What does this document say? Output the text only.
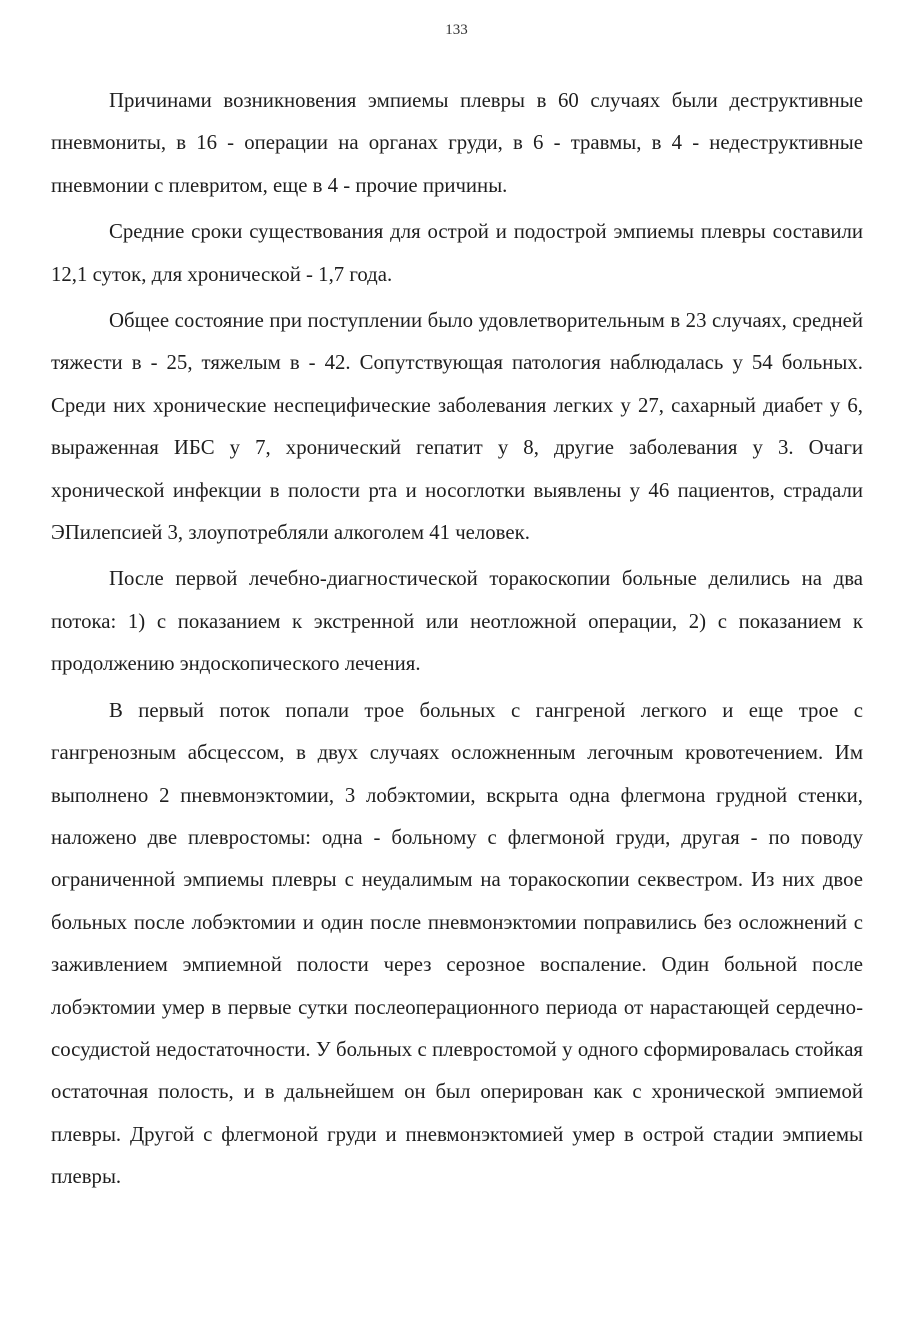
133

Причинами возникновения эмпиемы плевры в 60 случаях были деструктивные пневмониты, в 16 - операции на органах груди, в 6 - травмы, в 4 - недеструктивные пневмонии с плевритом, еще в 4 - прочие причины.

Средние сроки существования для острой и подострой эмпиемы плевры составили 12,1 суток, для хронической - 1,7 года.

Общее состояние при поступлении было удовлетворительным в 23 случаях, средней тяжести в - 25, тяжелым в - 42. Сопутствующая патология наблюдалась у 54 больных. Среди них хронические неспецифические заболевания легких у 27, сахарный диабет у 6, выраженная ИБС у 7, хронический гепатит у 8, другие заболевания у 3. Очаги хронической инфекции в полости рта и носоглотки выявлены у 46 пациентов, страдали ЭПилепсией 3, злоупотребляли алкоголем 41 человек.

После первой лечебно-диагностической торакоскопии больные делились на два потока: 1) с показанием к экстренной или неотложной операции, 2) с показанием к продолжению эндоскопического лечения.

В первый поток попали трое больных с гангреной легкого и еще трое с гангренозным абсцессом, в двух случаях осложненным легочным кровотечением. Им выполнено 2 пневмонэктомии, 3 лобэктомии, вскрыта одна флегмона грудной стенки, наложено две плевростомы: одна - больному с флегмоной груди, другая - по поводу ограниченной эмпиемы плевры с неудалимым на торакоскопии секвестром. Из них двое больных после лобэктомии и один после пневмонэктомии поправились без осложнений с заживлением эмпиемной полости через серозное воспаление. Один больной после лобэктомии умер в первые сутки послеоперационного периода от нарастающей сердечно-сосудистой недостаточности. У больных с плевростомой у одного сформировалась стойкая остаточная полость, и в дальнейшем он был оперирован как с хронической эмпиемой плевры. Другой с флегмоной груди и пневмонэктомией умер в острой стадии эмпиемы плевры.
